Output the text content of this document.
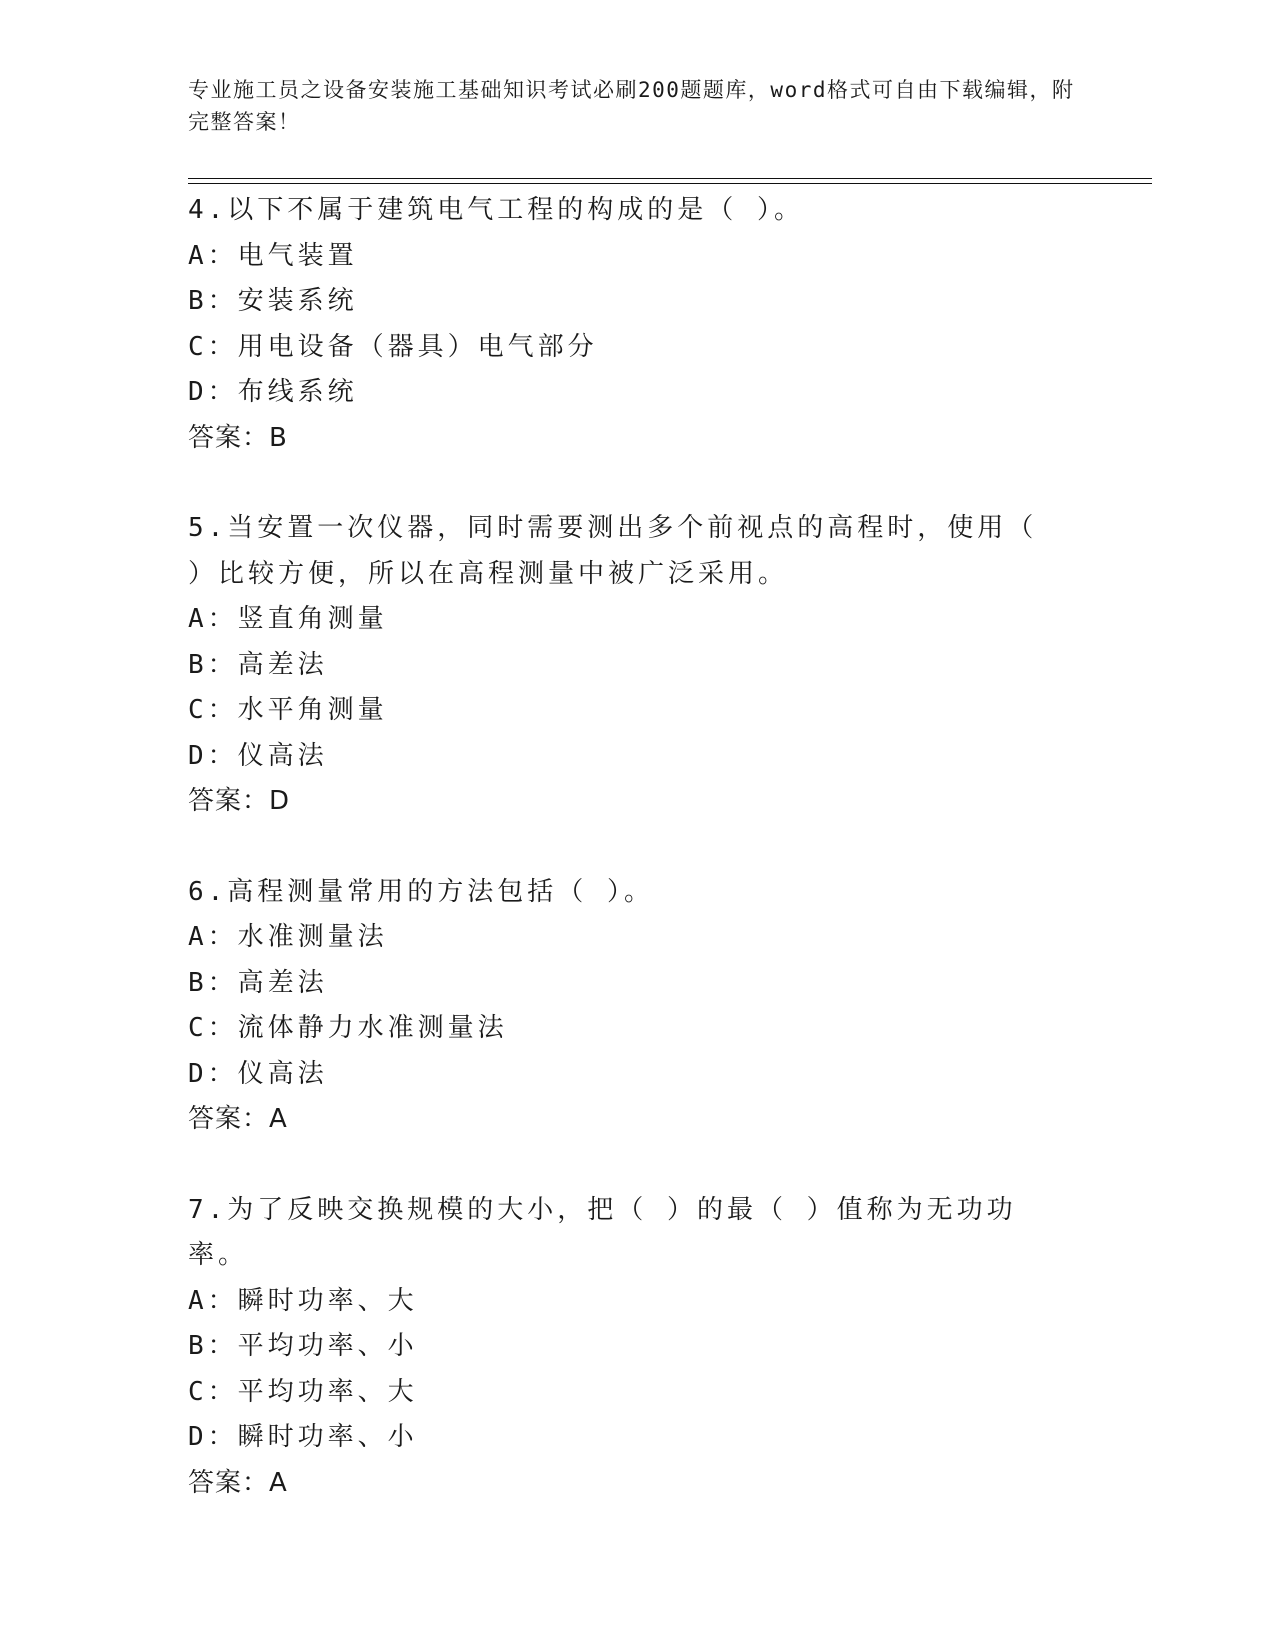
专业施工员之设备安装施工基础知识考试必刷200题题库，word格式可自由下载编辑，附完整答案！
4.以下不属于建筑电气工程的构成的是（ ）。
A：电气装置
B：安装系统
C：用电设备（器具）电气部分
D：布线系统
答案：B
5.当安置一次仪器，同时需要测出多个前视点的高程时，使用（ ）比较方便，所以在高程测量中被广泛采用。
A：竖直角测量
B：高差法
C：水平角测量
D：仪高法
答案：D
6.高程测量常用的方法包括（ ）。
A：水准测量法
B：高差法
C：流体静力水准测量法
D：仪高法
答案：A
7.为了反映交换规模的大小，把（ ）的最（ ）值称为无功功率。
A：瞬时功率、大
B：平均功率、小
C：平均功率、大
D：瞬时功率、小
答案：A
